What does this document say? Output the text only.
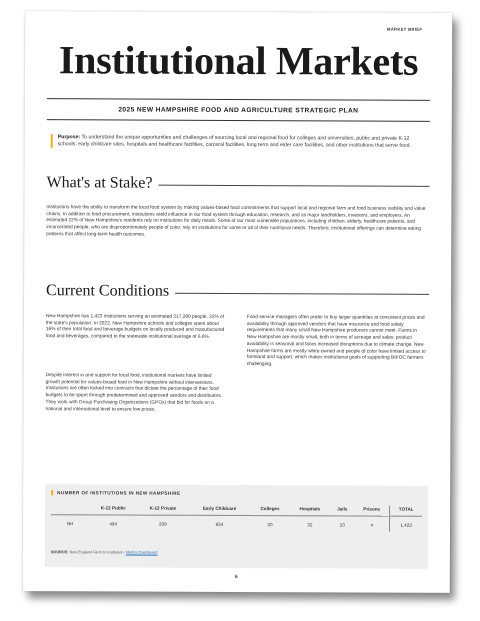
MARKET BRIEF
Institutional Markets
2025 NEW HAMPSHIRE FOOD AND AGRICULTURE STRATEGIC PLAN
Purpose: To understand the unique opportunities and challenges of sourcing local and regional food for colleges and universities, public and private K-12 schools, early childcare sites, hospitals and healthcare facilities, carceral facilities, long term and elder care facilities, and other institutions that serve food.
What's at Stake?
Institutions have the ability to transform the local food system by making values-based food commitments that support local and regional farm and food business viability and value chains. In addition to food procurement, institutions wield influence in our food system through education, research, and as major landholders, investors, and employers. An estimated 22% of New Hampshire's residents rely on institutions for daily meals. Some of our most vulnerable populations, including children, elderly, healthcare patients, and incarcerated people, who are disproportionately people of color, rely on institutions for some or all of their nutritional needs. Therefore, institutional offerings can determine eating patterns that affect long-term health outcomes.
Current Conditions
New Hampshire has 1,423 institutions serving an estimated 317,280 people, 22% of the state's population. In 2022, New Hampshire schools and colleges spent about 16% of their total food and beverage budgets on locally produced and manufactured food and beverages, compared to the statewide institutional average of 6.6%.
Despite interest in and support for local food, institutional markets have limited growth potential for values-based food in New Hampshire without interventions. Institutions are often locked into contracts that dictate the percentage of their food budgets to be spent through predetermined and approved vendors and distributors. They work with Group Purchasing Organizations (GPOs) that bid for foods on a national and international level to ensure low prices.
Food service managers often prefer to buy larger quantities at consistent prices and availability through approved vendors that have insurance and food safety requirements that many small New Hampshire producers cannot meet. Farms in New Hampshire are mostly small, both in terms of acreage and sales; product availability is seasonal and faces increased disruptions due to climate change. New Hampshire farms are mostly white-owned and people of color have limited access to farmland and support, which makes institutional goals of supporting BIPOC farmers challenging.
NUMBER OF INSTITUTIONS IN NEW HAMPSHIRE
	K-12 Public	K-12 Private	Early Childcare	Colleges	Hospitals	Jails	Prisons	TOTAL
NH	494	209	654	20	32	10	4	1,423
SOURCE: New England Farm to Institution. Metrics Dashboard
6
